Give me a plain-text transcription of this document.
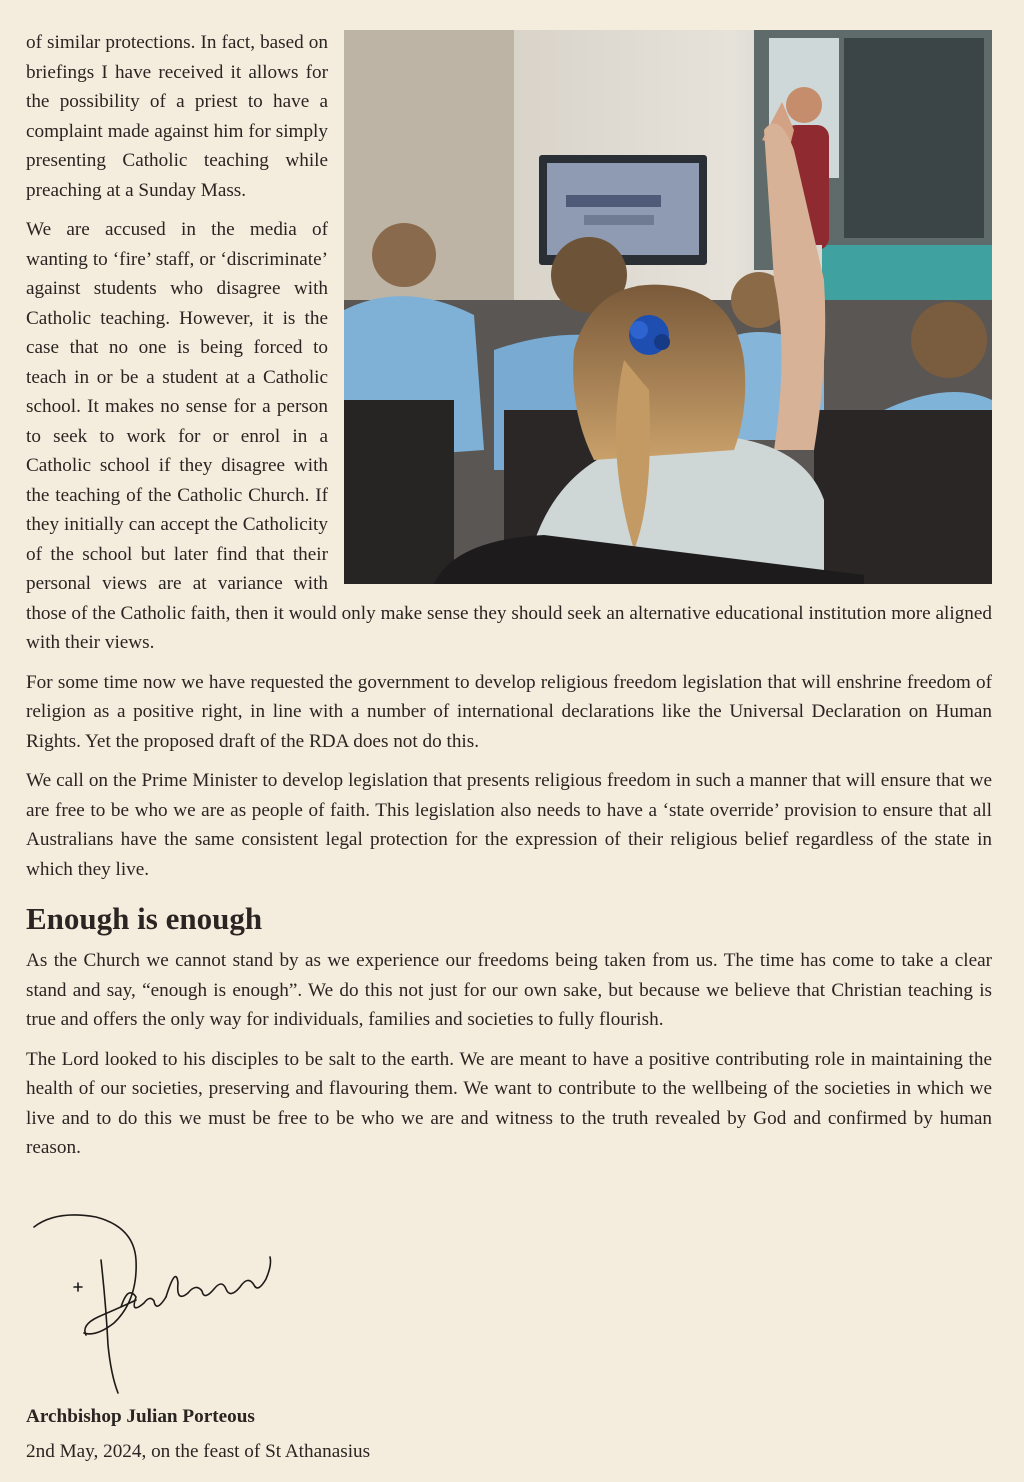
of similar protections. In fact, based on briefings I have received it allows for the possibility of a priest to have a complaint made against him for simply presenting Catholic teaching while preaching at a Sunday Mass.

We are accused in the media of wanting to ‘fire’ staff, or ‘discriminate’ against students who disagree with Catholic teaching. However, it is the case that no one is being forced to teach in or be a student at a Catholic school. It makes no sense for a person to seek to work for or enrol in a Catholic school if they disagree with the teaching of the Catholic Church. If they initially can accept the Catholicity of the school but later find that their personal views are at variance with those of the Catholic faith, then it would only make sense they should seek an alternative educational institution more aligned with their views.

For some time now we have requested the government to develop religious freedom legislation that will enshrine freedom of religion as a positive right, in line with a number of international declarations like the Universal Declaration on Human Rights. Yet the proposed draft of the RDA does not do this.

We call on the Prime Minister to develop legislation that presents religious freedom in such a manner that will ensure that we are free to be who we are as people of faith. This legislation also needs to have a ‘state override’ provision to ensure that all Australians have the same consistent legal protection for the expression of their religious belief regardless of the state in which they live.

Enough is enough

As the Church we cannot stand by as we experience our freedoms being taken from us. The time has come to take a clear stand and say, “enough is enough”. We do this not just for our own sake, but because we believe that Christian teaching is true and offers the only way for individuals, families and societies to fully flourish.

The Lord looked to his disciples to be salt to the earth. We are meant to have a positive contributing role in maintaining the health of our societies, preserving and flavouring them. We want to contribute to the wellbeing of the societies in which we live and to do this we must be free to be who we are and witness to the truth revealed by God and confirmed by human reason.

Archbishop Julian Porteous
2nd May, 2024, on the feast of St Athanasius
